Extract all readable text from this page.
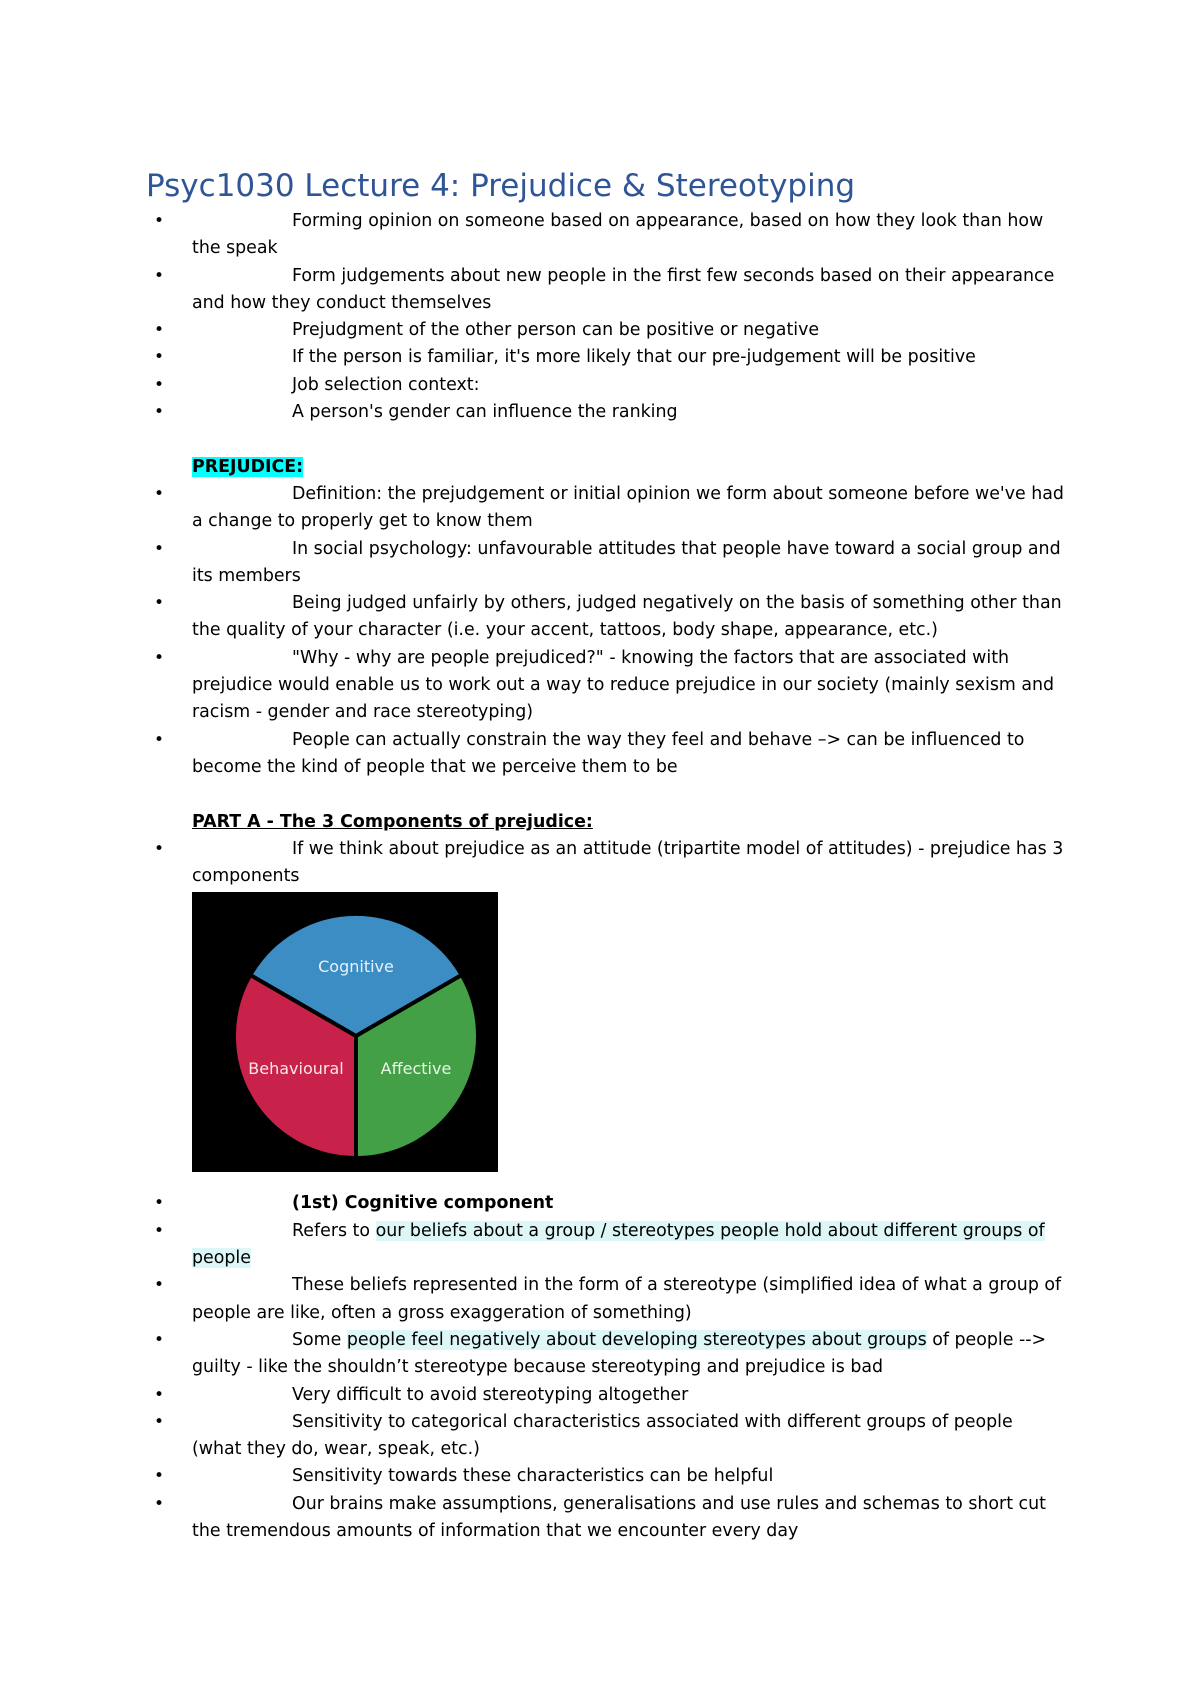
Psyc1030 Lecture 4: Prejudice & Stereotyping
•	Forming opinion on someone based on appearance, based on how they look than how the speak
•	Form judgements about new people in the first few seconds based on their appearance and how they conduct themselves
•	Prejudgment of the other person can be positive or negative
•	If the person is familiar, it's more likely that our pre-judgement will be positive
•	Job selection context:
•	A person's gender can influence the ranking
PREJUDICE:
•	Definition: the prejudgement or initial opinion we form about someone before we've had a change to properly get to know them
•	In social psychology: unfavourable attitudes that people have toward a social group and its members
•	Being judged unfairly by others, judged negatively on the basis of something other than the quality of your character (i.e. your accent, tattoos, body shape, appearance, etc.)
•	"Why - why are people prejudiced?" - knowing the factors that are associated with prejudice would enable us to work out a way to reduce prejudice in our society (mainly sexism and racism - gender and race stereotyping)
•	People can actually constrain the way they feel and behave –> can be influenced to become the kind of people that we perceive them to be
PART A - The 3 Components of prejudice:
•	If we think about prejudice as an attitude (tripartite model of attitudes) - prejudice has 3 components
Cognitive
Behavioural Affective
•	(1st) Cognitive component
•	Refers to our beliefs about a group / stereotypes people hold about different groups of people
•	These beliefs represented in the form of a stereotype (simplified idea of what a group of people are like, often a gross exaggeration of something)
•	Some people feel negatively about developing stereotypes about groups of people --> guilty - like the shouldn’t stereotype because stereotyping and prejudice is bad
•	Very difficult to avoid stereotyping altogether
•	Sensitivity to categorical characteristics associated with different groups of people (what they do, wear, speak, etc.)
•	Sensitivity towards these characteristics can be helpful
•	Our brains make assumptions, generalisations and use rules and schemas to short cut the tremendous amounts of information that we encounter every day
